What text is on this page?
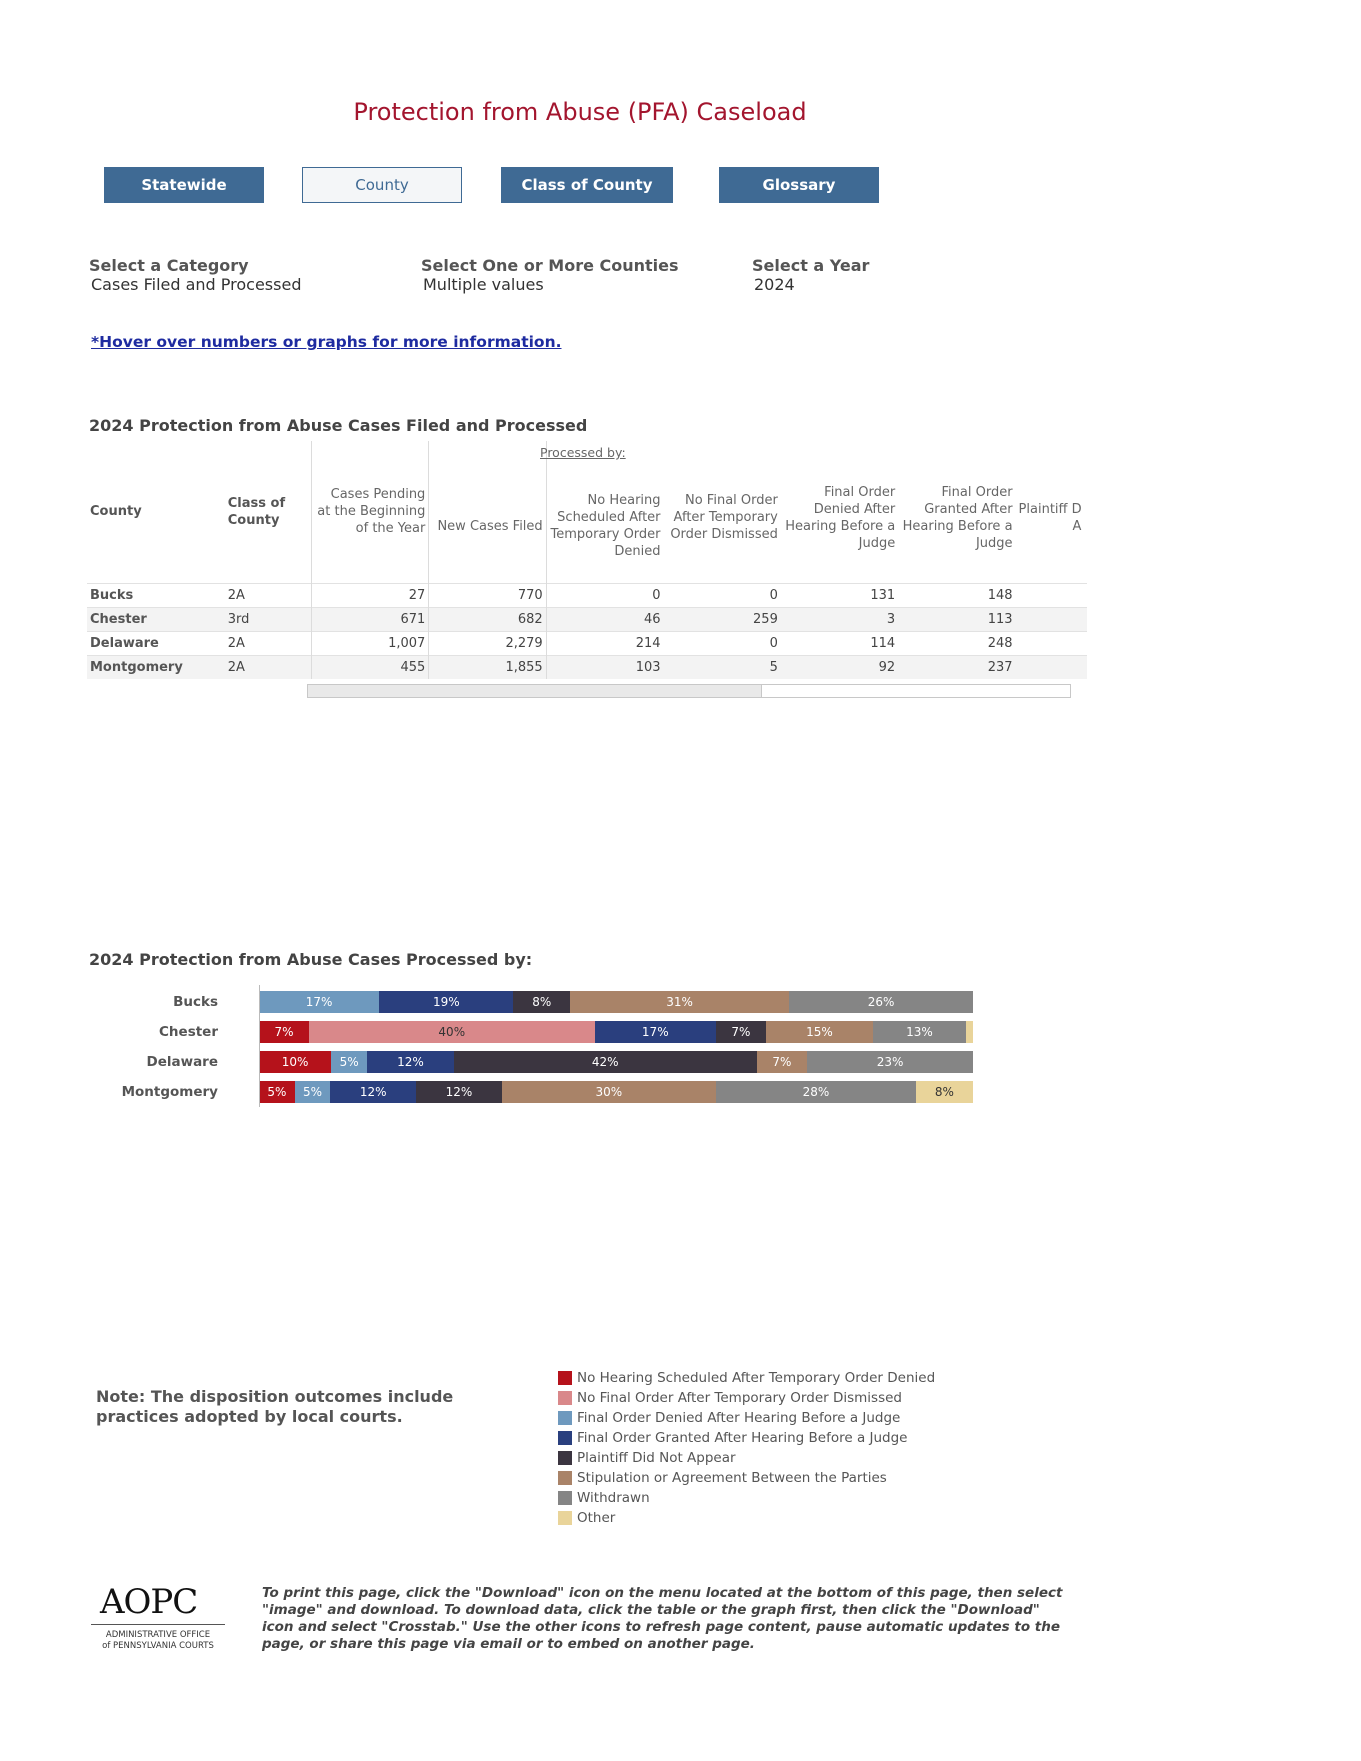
Protection from Abuse (PFA) Caseload
Statewide	County	Class of County	Glossary
Select a Category
Cases Filed and Processed
Select One or More Counties
Multiple values
Select a Year
2024
*Hover over numbers or graphs for more information.
2024 Protection from Abuse Cases Filed and Processed
Processed by:
County	Class of County	Cases Pending at the Beginning of the Year	New Cases Filed	No Hearing Scheduled After Temporary Order Denied	No Final Order After Temporary Order Dismissed	Final Order Denied After Hearing Before a Judge	Final Order Granted After Hearing Before a Judge	Plaintiff D
A
Bucks	2A	27	770	0	0	131	148	
Chester	3rd	671	682	46	259	3	113	
Delaware	2A	1,007	2,279	214	0	114	248	
Montgomery	2A	455	1,855	103	5	92	237	
2024 Protection from Abuse Cases Processed by:
Bucks	17%	19%	8%	31%	26%
Chester	7%	40%	17%	7%	15%	13%
Delaware	10%	5%	12%	42%	7%	23%
Montgomery	5%	5%	12%	12%	30%	28%	8%
No Hearing Scheduled After Temporary Order Denied
No Final Order After Temporary Order Dismissed
Final Order Denied After Hearing Before a Judge
Final Order Granted After Hearing Before a Judge
Plaintiff Did Not Appear
Stipulation or Agreement Between the Parties
Withdrawn
Other
Note: The disposition outcomes include practices adopted by local courts.
AOPC
ADMINISTRATIVE OFFICE
of PENNSYLVANIA COURTS
To print this page, click the "Download" icon on the menu located at the bottom of this page, then select "image" and download. To download data, click the table or the graph first, then click the "Download" icon and select "Crosstab." Use the other icons to refresh page content, pause automatic updates to the page, or share this page via email or to embed on another page.
